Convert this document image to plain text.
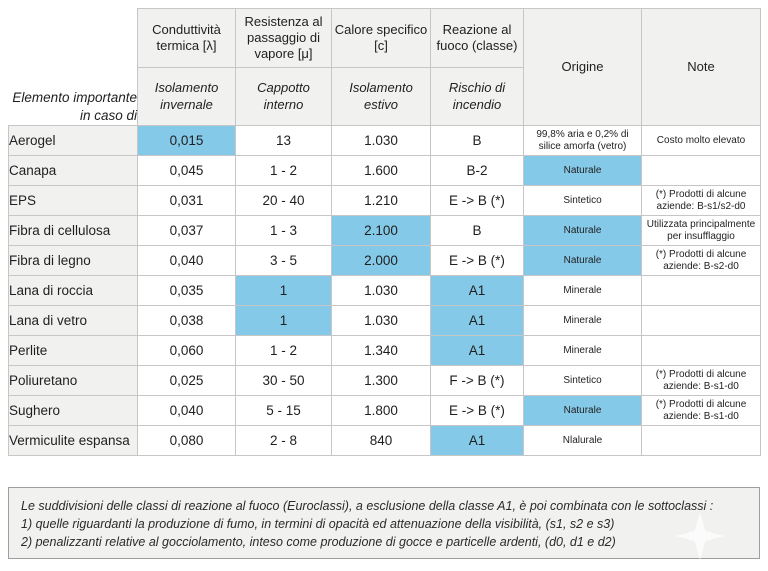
Elemento importante
in caso di	Conduttività termica [λ]	Resistenza al passaggio di vapore [μ]	Calore specifico [c]	Reazione al fuoco (classe)	Origine	Note
	Isolamento invernale	Cappotto interno	Isolamento estivo	Rischio di incendio		
Aerogel	0,015	13	1.030	B	99,8% aria e 0,2% di silice amorfa (vetro)	Costo molto elevato
Canapa	0,045	1 - 2	1.600	B-2	Naturale	
EPS	0,031	20 - 40	1.210	E -> B (*)	Sintetico	(*) Prodotti di alcune aziende: B-s1/s2-d0
Fibra di cellulosa	0,037	1 - 3	2.100	B	Naturale	Utilizzata principalmente per insufflaggio
Fibra di legno	0,040	3 - 5	2.000	E -> B (*)	Naturale	(*) Prodotti di alcune aziende: B-s2-d0
Lana di roccia	0,035	1	1.030	A1	Minerale	
Lana di vetro	0,038	1	1.030	A1	Minerale	
Perlite	0,060	1 - 2	1.340	A1	Minerale	
Poliuretano	0,025	30 - 50	1.300	F -> B (*)	Sintetico	(*) Prodotti di alcune aziende: B-s1-d0
Sughero	0,040	5 - 15	1.800	E -> B (*)	Naturale	(*) Prodotti di alcune aziende: B-s1-d0
Vermiculite espansa	0,080	2 - 8	840	A1	Nlalurale	

Le suddivisioni delle classi di reazione al fuoco (Euroclassi), a esclusione della classe A1, è poi combinata con le sottoclassi :

1) quelle riguardanti la produzione di fumo, in termini di opacità ed attenuazione della visibilità, (s1, s2 e s3)

2) penalizzanti relative al gocciolamento, inteso come produzione di gocce e particelle ardenti, (d0, d1 e d2)
